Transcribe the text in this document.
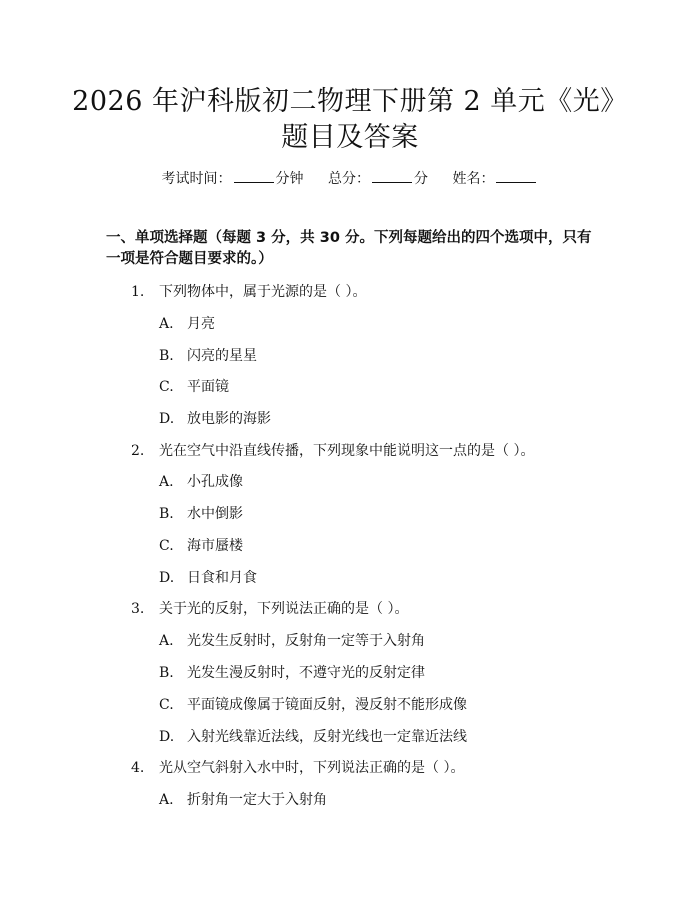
2026 年沪科版初二物理下册第 2 单元《光》
题目及答案
考试时间：	分钟 总分：	分 姓名：
一、单项选择题（每题 3 分，共 30 分。下列每题给出的四个选项中，只有一项是符合题目要求的。）
1. 下列物体中，属于光源的是（ ）。
A. 月亮
B. 闪亮的星星
C. 平面镜
D. 放电影的海影
2. 光在空气中沿直线传播，下列现象中能说明这一点的是（ ）。
A. 小孔成像
B. 水中倒影
C. 海市蜃楼
D. 日食和月食
3. 关于光的反射，下列说法正确的是（ ）。
A. 光发生反射时，反射角一定等于入射角
B. 光发生漫反射时，不遵守光的反射定律
C. 平面镜成像属于镜面反射，漫反射不能形成像
D. 入射光线靠近法线，反射光线也一定靠近法线
4. 光从空气斜射入水中时，下列说法正确的是（ ）。
A. 折射角一定大于入射角
